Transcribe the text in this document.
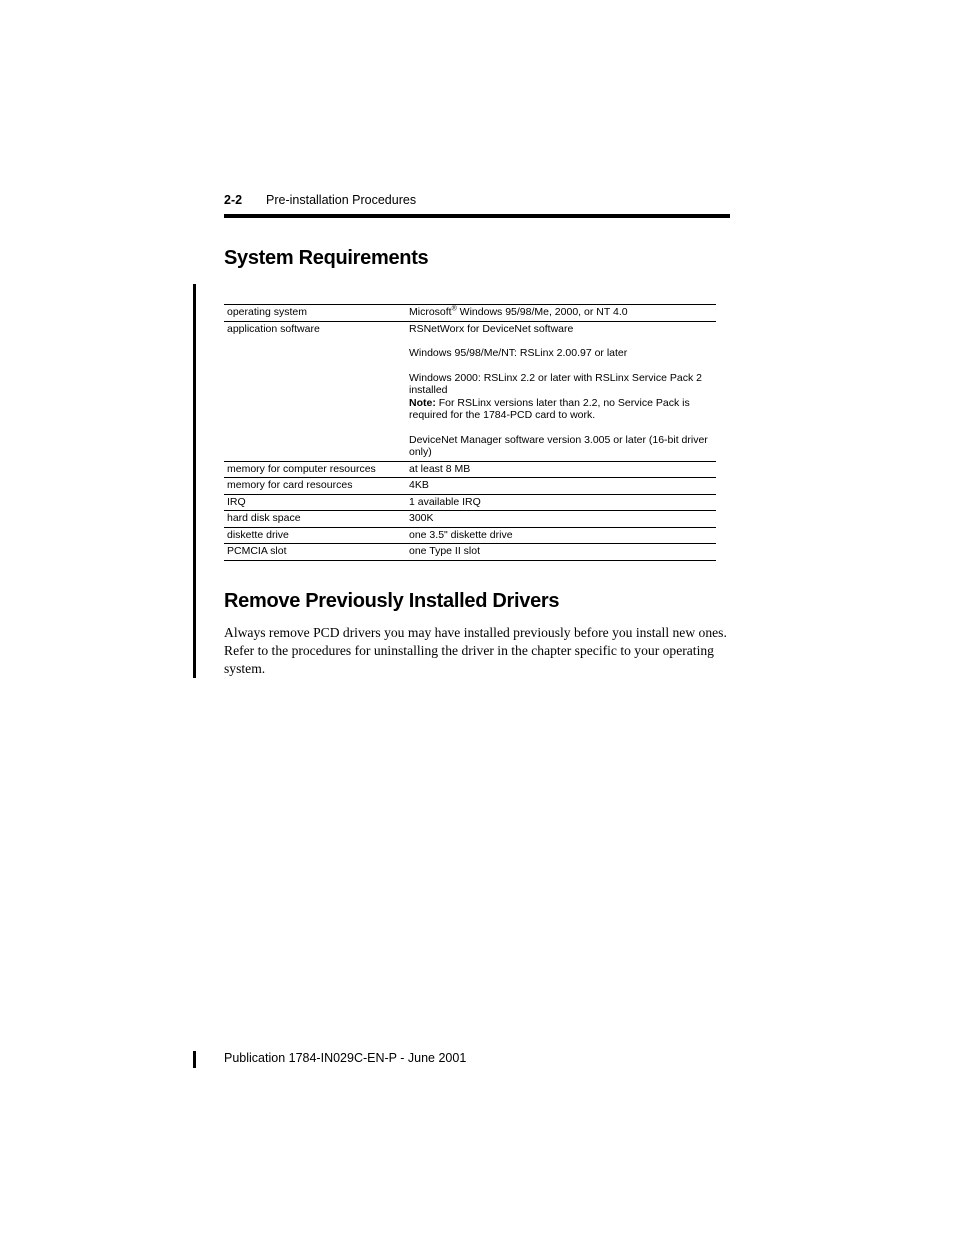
2-2 Pre-installation Procedures
System Requirements
operating system	Microsoft® Windows 95/98/Me, 2000, or NT 4.0
application software	RSNetWorx for DeviceNet software

Windows 95/98/Me/NT: RSLinx 2.00.97 or later

Windows 2000: RSLinx 2.2 or later with RSLinx Service Pack 2 installed
Note: For RSLinx versions later than 2.2, no Service Pack is required for the 1784-PCD card to work.

DeviceNet Manager software version 3.005 or later (16-bit driver only)

memory for computer resources	at least 8 MB
memory for card resources	4KB
IRQ	1 available IRQ
hard disk space	300K
diskette drive	one 3.5" diskette drive
PCMCIA slot	one Type II slot
Remove Previously Installed Drivers

Always remove PCD drivers you may have installed previously before you install new ones. Refer to the procedures for uninstalling the driver in the chapter specific to your operating system.

Publication 1784-IN029C-EN-P - June 2001
